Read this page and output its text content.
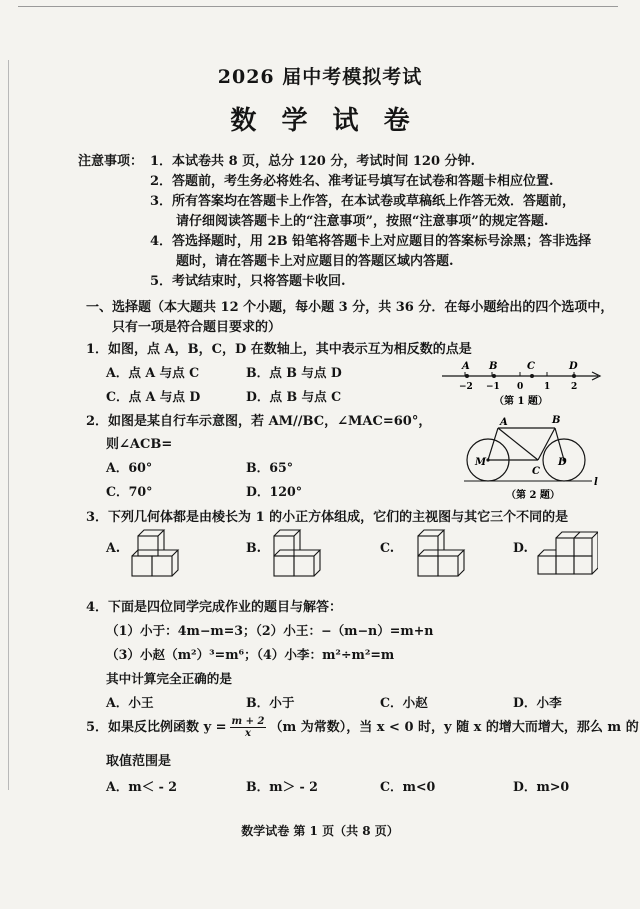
2026 届中考模拟考试
数 学 试 卷
注意事项： 1．本试卷共 8 页，总分 120 分，考试时间 120 分钟.
2．答题前，考生务必将姓名、准考证号填写在试卷和答题卡相应位置.
3．所有答案均在答题卡上作答，在本试卷或草稿纸上作答无效．答题前，
请仔细阅读答题卡上的“注意事项”，按照“注意事项”的规定答题.
4．答选择题时，用 2B 铅笔将答题卡上对应题目的答案标号涂黑；答非选择
题时，请在答题卡上对应题目的答题区域内答题.
5．考试结束时，只将答题卡收回.
一、选择题（本大题共 12 个小题，每小题 3 分，共 36 分．在每小题给出的四个选项中，
只有一项是符合题目要求的）
1．如图，点 A，B，C，D 在数轴上，其中表示互为相反数的点是
A．点 A 与点 C	B．点 B 与点 D
C．点 A 与点 D	D．点 B 与点 C
A B	C	D
−2 −1 0 1 2
（第 1 题）
2．如图是某自行车示意图，若 AM//BC，∠MAC=60°，
则∠ACB=
A．60°	B．65°
C．70°	D．120°
A	B
M
C
D
l
（第 2 题）
3．下列几何体都是由棱长为 1 的小正方体组成，它们的主视图与其它三个不同的是
A.	B.	C.	D.
4．下面是四位同学完成作业的题目与解答：
（1）小于：4m−m=3；（2）小王：−（m−n）=m+n
（3）小赵（m²）³=m⁶；（4）小李：m²÷m²=m
其中计算完全正确的是
A．小王	B．小于	C．小赵	D．小李
5．如果反比例函数 $y = \frac{m + 2}{x} (m$ 为常数），当 x < 0 时，y 随 x 的增大而增大，那么 m 的
取值范围是
A．m＜ - 2	B．m＞ - 2	C．m<0	D．m>0
数学试卷 第 1 页（共 8 页）
